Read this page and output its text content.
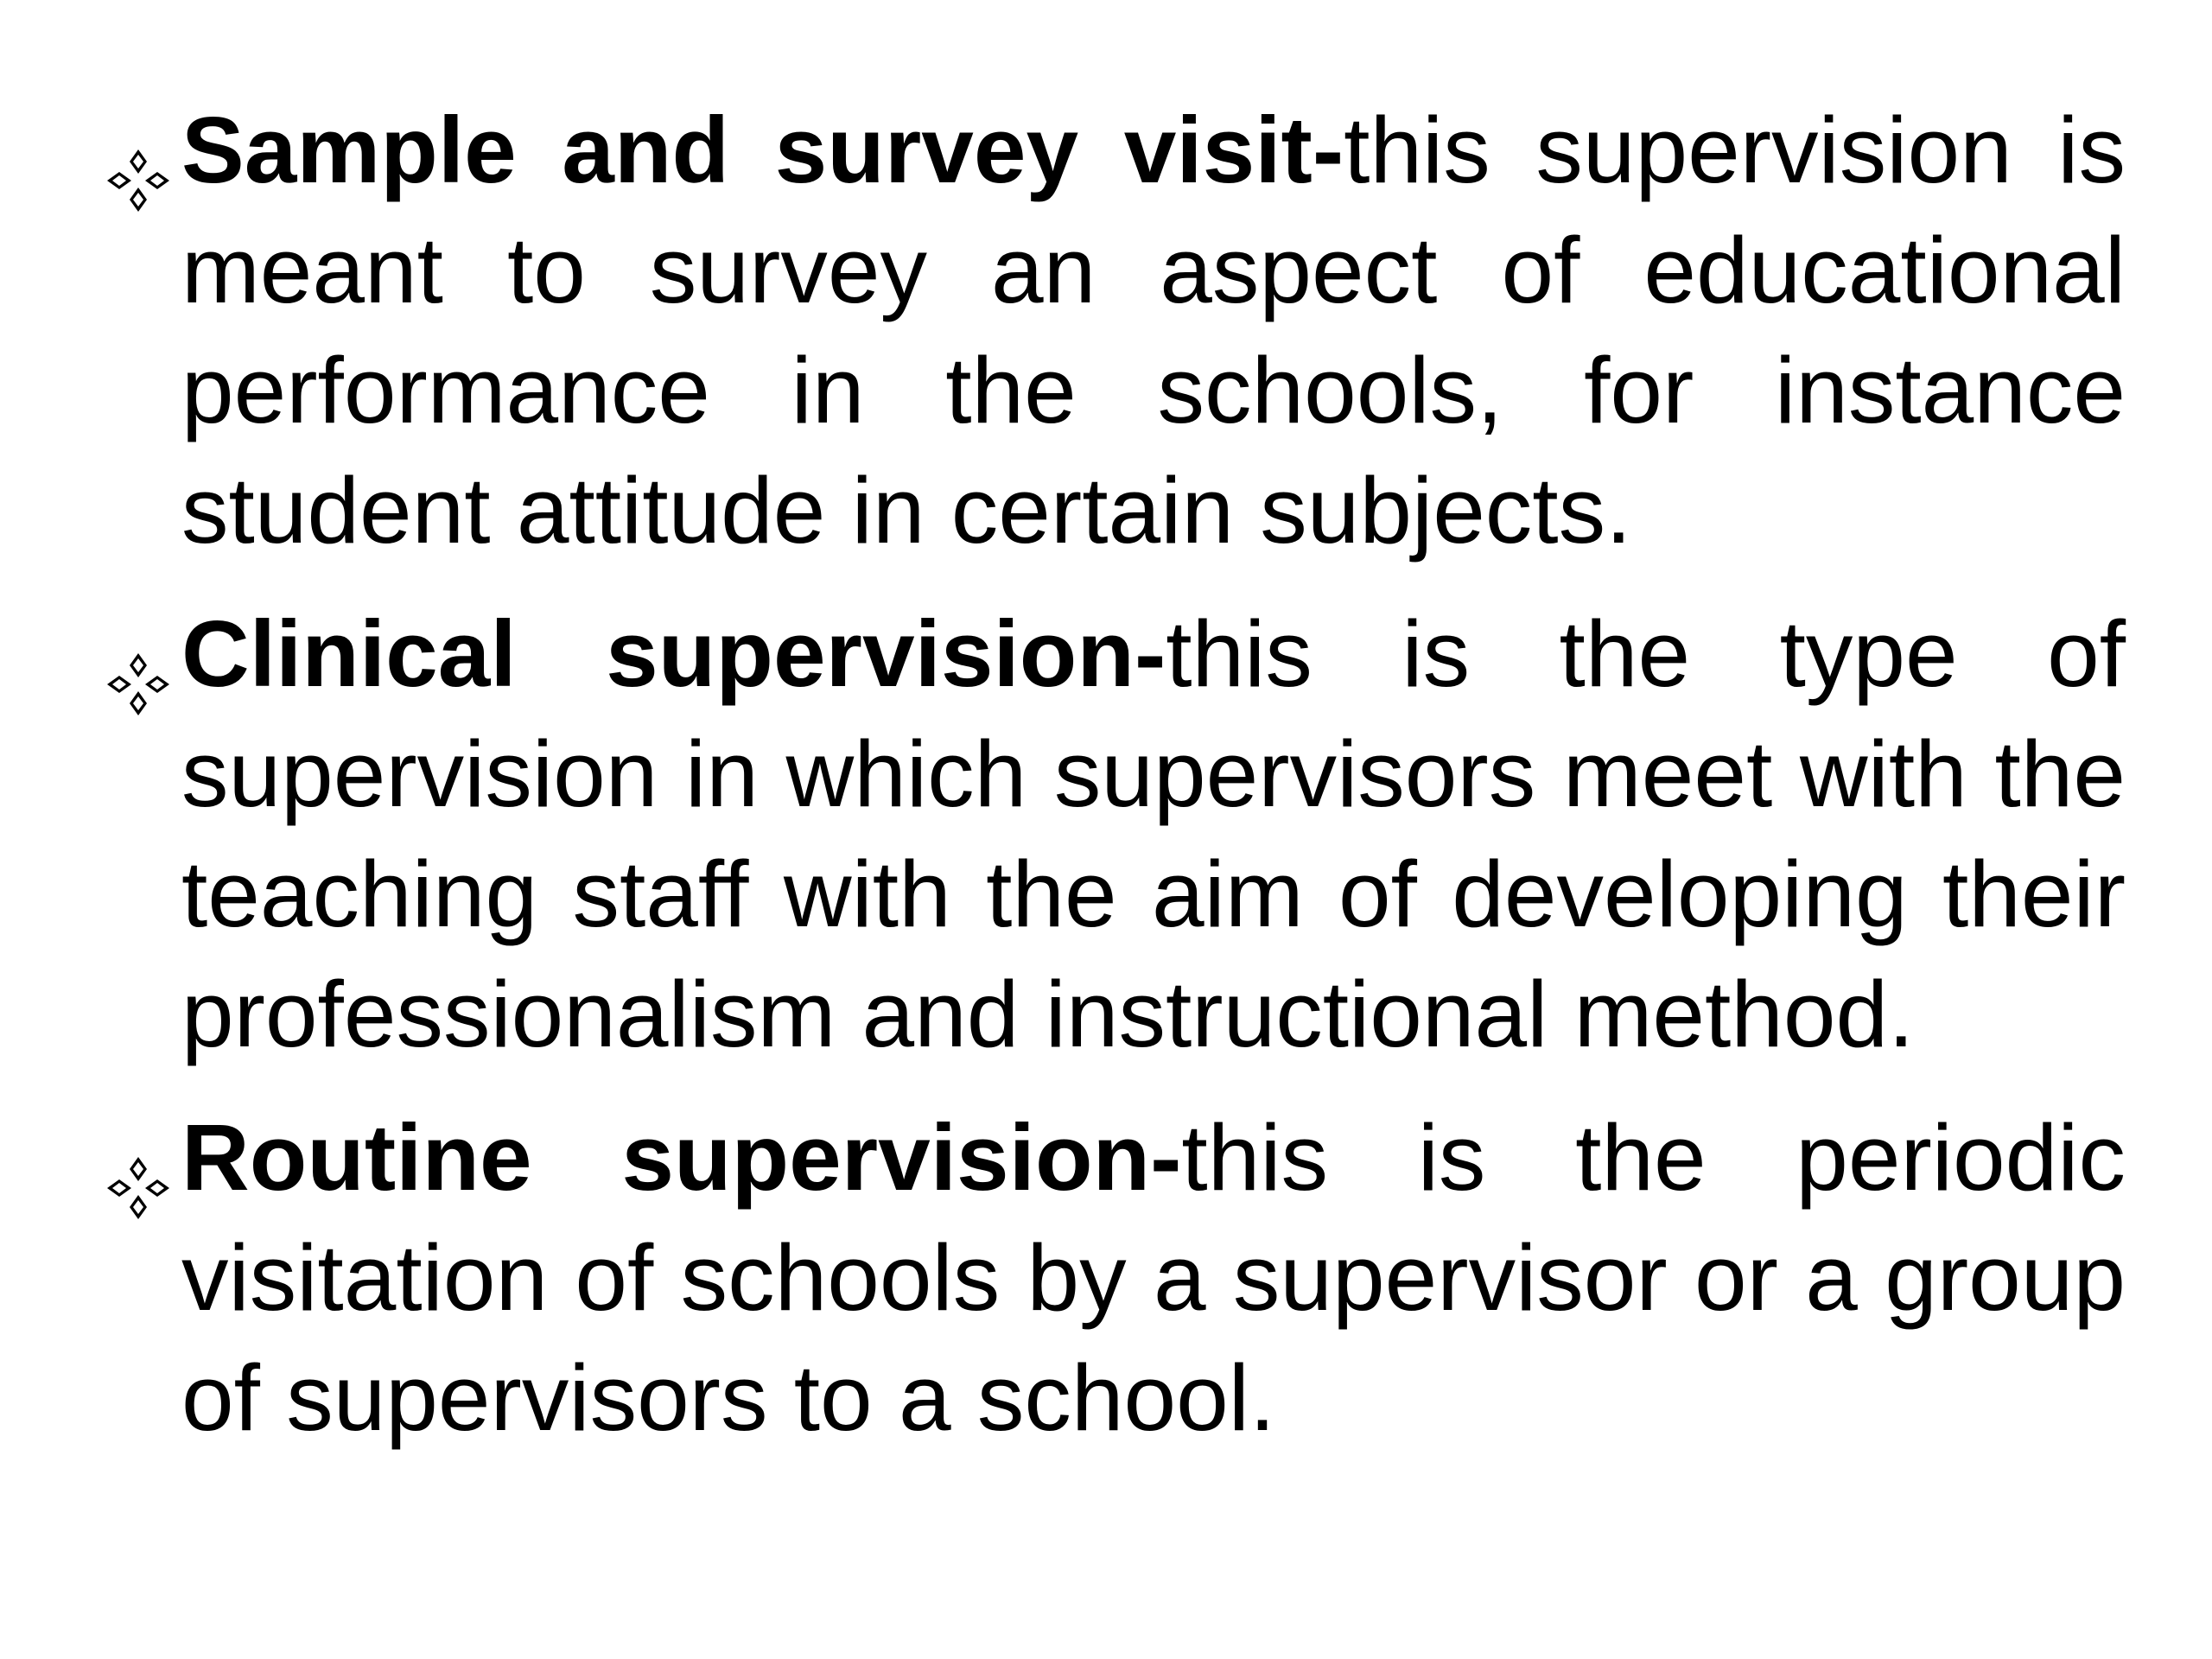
Sample and survey visit-this supervision is meant to survey an aspect of educational performance in the schools, for instance student attitude in certain subjects.
Clinical supervision-this is the type of supervision in which supervisors meet with the teaching staff with the aim of developing their professionalism and instructional method.
Routine supervision-this is the periodic visitation of schools by a supervisor or a group of supervisors to a school.
